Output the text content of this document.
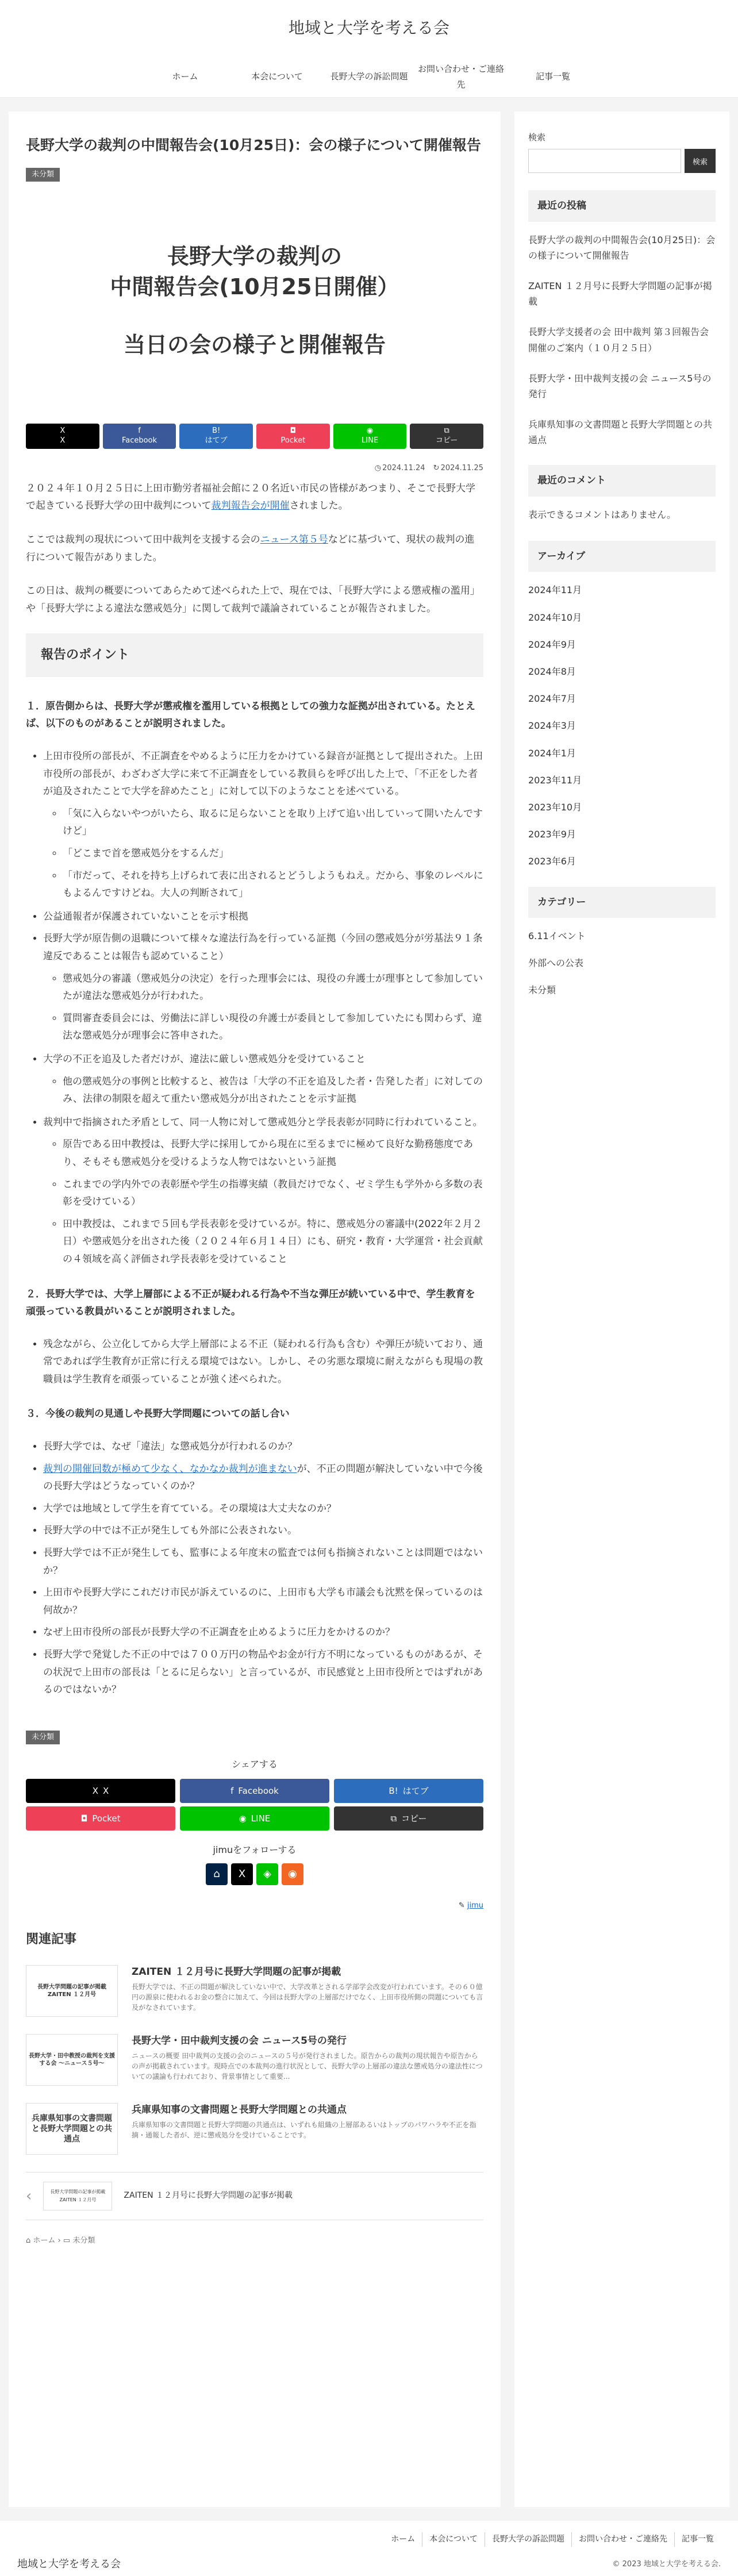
地域と大学を考える会
ホーム	本会について	長野大学の訴訟問題
お問い合わせ・ご連絡先
記事一覧
長野大学の裁判の中間報告会(10月25日)：会の様子について開催報告
未分類
長野大学の裁判の
中間報告会(10月25日開催）
当日の会の様子と開催報告
X
X
f
Facebook
B!
はてブ
◘
Pocket
◉
LINE
⧉
コピー
◷ 2024.11.24 ↻ 2024.11.25

２０２４年１０月２５日に上田市勤労者福祉会館に２０名近い市民の皆様があつまり、そこで長野大学で起きている長野大学の田中裁判について裁判報告会が開催されました。

ここでは裁判の現状について田中裁判を支援する会のニュース第５号などに基づいて、現状の裁判の進行について報告がありました。

この日は、裁判の概要についてあらためて述べられた上で、現在では、「長野大学による懲戒権の濫用」や「長野大学による違法な懲戒処分」に関して裁判で議論されていることが報告されました。

報告のポイント
１．原告側からは、長野大学が懲戒権を濫用している根拠としての強力な証拠が出されている。たとえば、以下のものがあることが説明されました。
• 上田市役所の部長が、不正調査をやめるように圧力をかけている録音が証拠として提出された。上田市役所の部長が、わざわざ大学に来て不正調査をしている教員らを呼び出した上で、「不正をした者が追及されたことで大学を辞めたこと」に対して以下のようなことを述べている。
◦ 「気に入らないやつがいたら、取るに足らないことを取り上げて追い出していって開いたんですけど」
◦ 「どこまで首を懲戒処分をするんだ」
◦ 「市だって、それを持ち上げられて表に出されるとどうしようもねえ。だから、事象のレベルにもよるんですけどね。大人の判断されて」
• 公益通報者が保護されていないことを示す根拠
• 長野大学が原告側の退職について様々な違法行為を行っている証拠（今回の懲戒処分が労基法９１条違反であることは報告も認めていること）
◦ 懲戒処分の審議（懲戒処分の決定）を行った理事会には、現役の弁護士が理事として参加していたが違法な懲戒処分が行われた。
◦ 質問審査委員会には、労働法に詳しい現役の弁護士が委員として参加していたにも関わらず、違法な懲戒処分が理事会に答申された。
• 大学の不正を追及した者だけが、違法に厳しい懲戒処分を受けていること
◦ 他の懲戒処分の事例と比較すると、被告は「大学の不正を追及した者・告発した者」に対してのみ、法律の制限を超えて重たい懲戒処分が出されたことを示す証拠
• 裁判中で指摘された矛盾として、同一人物に対して懲戒処分と学長表彰が同時に行われていること。
◦ 原告である田中教授は、長野大学に採用してから現在に至るまでに極めて良好な勤務態度であり、そもそも懲戒処分を受けるような人物ではないという証拠
◦ これまでの学内外での表彰歴や学生の指導実績（教員だけでなく、ゼミ学生も学外から多数の表彰を受けている）
◦ 田中教授は、これまで５回も学長表彰を受けているが。特に、懲戒処分の審議中(2022年２月２日）や懲戒処分を出された後（２０２４年６月１４日）にも、研究・教育・大学運営・社会貢献の４領域を高く評価され学長表彰を受けていること
２．長野大学では、大学上層部による不正が疑われる行為や不当な弾圧が続いている中で、学生教育を頑張っている教員がいることが説明されました。
• 残念ながら、公立化してから大学上層部による不正（疑われる行為も含む）や弾圧が続いており、通常であれば学生教育が正常に行える環境ではない。しかし、その劣悪な環境に耐えながらも現場の教職員は学生教育を頑張っていることが強く述べられた。
３．今後の裁判の見通しや長野大学問題についての話し合い
• 長野大学では、なぜ「違法」な懲戒処分が行われるのか？
• 裁判の開催回数が極めて少なく、なかなか裁判が進まないが、不正の問題が解決していない中で今後の長野大学はどうなっていくのか？
• 大学では地域として学生を育てている。その環境は大丈夫なのか？
• 長野大学の中では不正が発生しても外部に公表されない。
• 長野大学では不正が発生しても、監事による年度末の監査では何も指摘されないことは問題ではないか？
• 上田市や長野大学にこれだけ市民が訴えているのに、上田市も大学も市議会も沈黙を保っているのは何故か？
• なぜ上田市役所の部長が長野大学の不正調査を止めるように圧力をかけるのか？
• 長野大学で発覚した不正の中では７００万円の物品やお金が行方不明になっているものがあるが、その状況で上田市の部長は「とるに足らない」と言っているが、市民感覚と上田市役所とではずれがあるのではないか？
未分類
シェアする
X X	f Facebook	B! はてブ
◘ Pocket	◉ LINE	⧉ コピー
jimuをフォローする
⌂	X	◈	◉
✎ jimu
関連記事
長野大学問題の記事が掲載 ZAITEN １２月号
ZAITEN １２月号に長野大学問題の記事が掲載
長野大学では、不正の問題が解決していない中で、大学改革とされる学部学会改変が行われています。その６０億円の源泉に使われるお金の整合に加えて、今回は長野大学の上層部だけでなく、上田市役所側の問題についても言及がなされています。
長野大学・田中教授の裁判を支援する会 ～ニュース５号～
長野大学・田中裁判支援の会 ニュース5号の発行
ニュースの概要 田中裁判の支援の会のニュースの５号が発行されました。原告からの裁判の現状報告や原告からの声が掲載されています。現時点での本裁判の進行状況として、長野大学の上層部の違法な懲戒処分の違法性についての議論も行われており、背景事情として重要...
兵庫県知事の文書問題と長野大学問題との共通点
兵庫県知事の文書問題と長野大学問題との共通点
兵庫県知事の文書問題と長野大学問題の共通点は、いずれも組織の上層部あるいはトップのパワハラや不正を指摘・通報した者が、逆に懲戒処分を受けていることです。
‹	長野大学問題の記事が掲載 ZAITEN １２月号	ZAITEN １２月号に長野大学問題の記事が掲載
⌂ ホーム › ▭ 未分類
検索
検索
最近の投稿
長野大学の裁判の中間報告会(10月25日)：会の様子について開催報告
ZAITEN １２月号に長野大学問題の記事が掲載
長野大学支援者の会 田中裁判 第３回報告会 開催のご案内（１０月２５日）
長野大学・田中裁判支援の会 ニュース5号の発行
兵庫県知事の文書問題と長野大学問題との共通点
最近のコメント
表示できるコメントはありません。
アーカイブ
2024年11月
2024年10月
2024年9月
2024年8月
2024年7月
2024年3月
2024年1月
2023年11月
2023年10月
2023年9月
2023年6月
カテゴリー
6.11イベント
外部への公表
未分類
ホーム	本会について	長野大学の訴訟問題	お問い合わせ・ご連絡先	記事一覧
地域と大学を考える会	© 2023 地域と大学を考える会.
